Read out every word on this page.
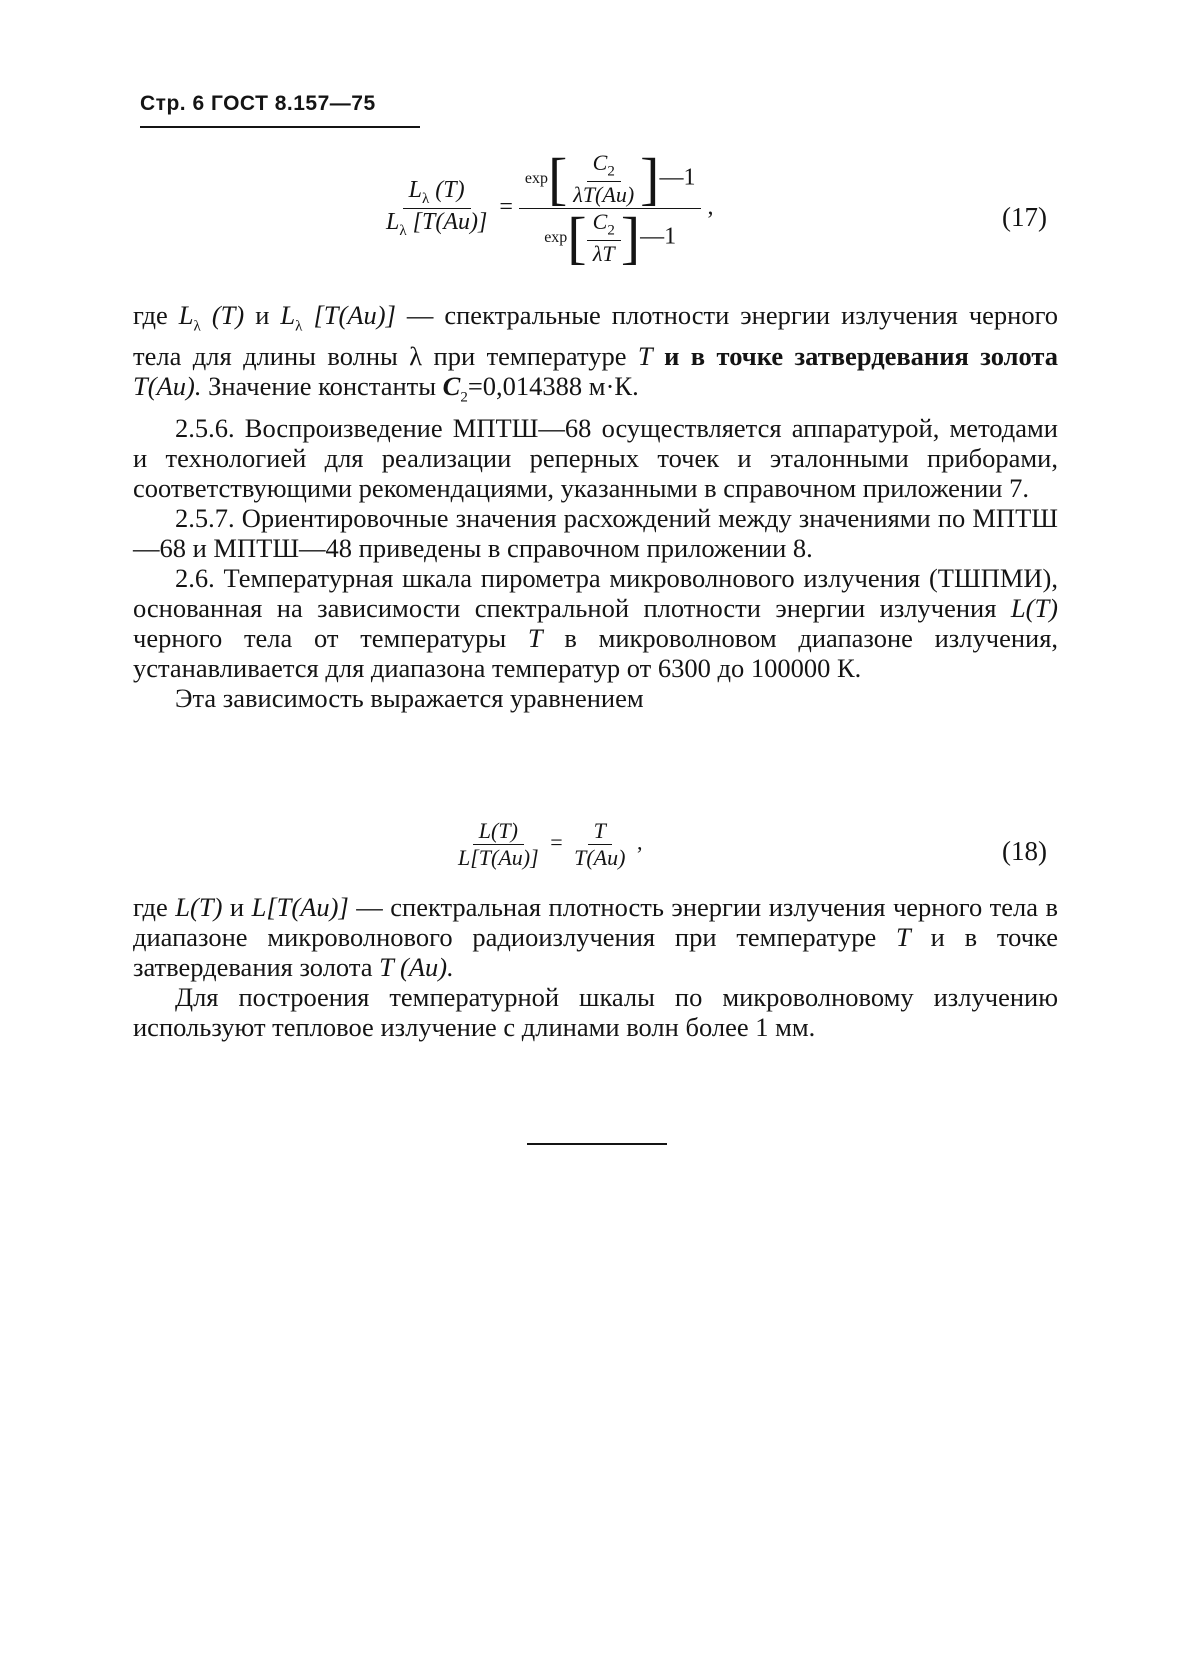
Стр. 6 ГОСТ 8.157—75
$\frac{L_\lambda (T)}{L_\lambda [T(Au)]} = \frac{\exp[ \frac{C_2}{\lambda T(Au)} ]—1}{\exp[ \frac{C_2}{\lambda T} ]—1}$ ,	(17)

где $L_\lambda$ (T) и $L_\lambda$ [T(Au)] — спектральные плотности энергии излучения черного тела для длины волны λ при температуре T и в точке затвердевания золота T(Au). Значение константы $C_2=0,014388$ м·К.

2.5.6. Воспроизведение МПТШ—68 осуществляется аппаратурой, методами и технологией для реализации реперных точек и эталонными приборами, соответствующими рекомендациями, указанными в справочном приложении 7.

2.5.7. Ориентировочные значения расхождений между значениями по МПТШ—68 и МПТШ—48 приведены в справочном приложении 8.

2.6. Температурная шкала пирометра микроволнового излучения (ТШПМИ), основанная на зависимости спектральной плотности энергии излучения L(T) черного тела от температуры T в микроволновом диапазоне излучения, устанавливается для диапазона температур от 6300 до 100000 К.

Эта зависимость выражается уравнением

$\frac{L(T)}{L[T(Au)]} = \frac{T}{T(Au)}$ ,	(18)

где L(T) и L[T(Au)] — спектральная плотность энергии излучения черного тела в диапазоне микроволнового радиоизлучения при температуре T и в точке затвердевания золота T (Au).

Для построения температурной шкалы по микроволновому излучению используют тепловое излучение с длинами волн более 1 мм.
